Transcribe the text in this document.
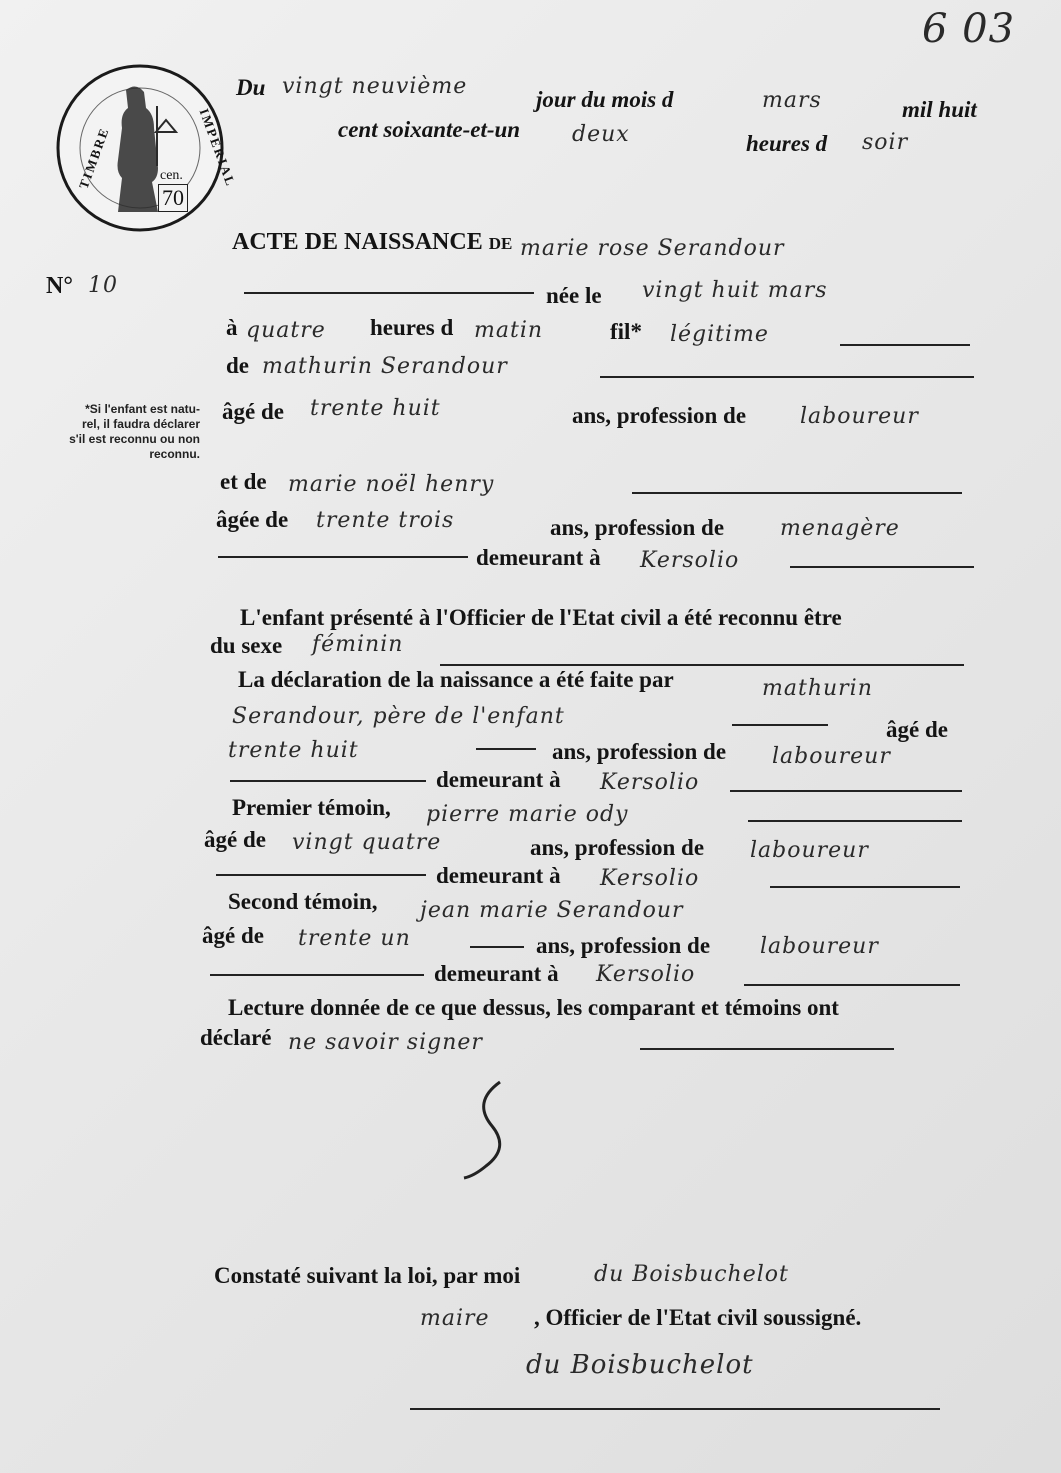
6 03
TIMBRE	IMPERIAL
cen.
70
N° 10
*Si l'enfant est natu-
rel, il faudra déclarer
s'il est reconnu ou non
reconnu.
Du vingt neuvième
jour du mois d	mars	mil huit
cent soixante-et-un deux	heures d soir
ACTE DE NAISSANCE de marie rose Serandour
née le vingt huit mars
à quatre heures d matin	fil* légitime
de mathurin Serandour
âgé de trente huit	ans, profession de laboureur
et de marie noël henry
âgée de trente trois	ans, profession de	menagère
demeurant à Kersolio
L'enfant présenté à l'Officier de l'Etat civil a été reconnu être
du sexe féminin
La déclaration de la naissance a été faite par	mathurin
Serandour, père de l'enfant
âgé de
trente huit	ans, profession de laboureur
demeurant à Kersolio
Premier témoin, pierre marie ody
âgé de vingt quatre	ans, profession de laboureur
demeurant à Kersolio
Second témoin, jean marie Serandour
âgé de trente un	ans, profession de laboureur
demeurant à Kersolio
Lecture donnée de ce que dessus, les comparant et témoins ont
déclaré ne savoir signer
Constaté suivant la loi, par moi	du Boisbuchelot
maire , Officier de l'Etat civil soussigné.
du Boisbuchelot
